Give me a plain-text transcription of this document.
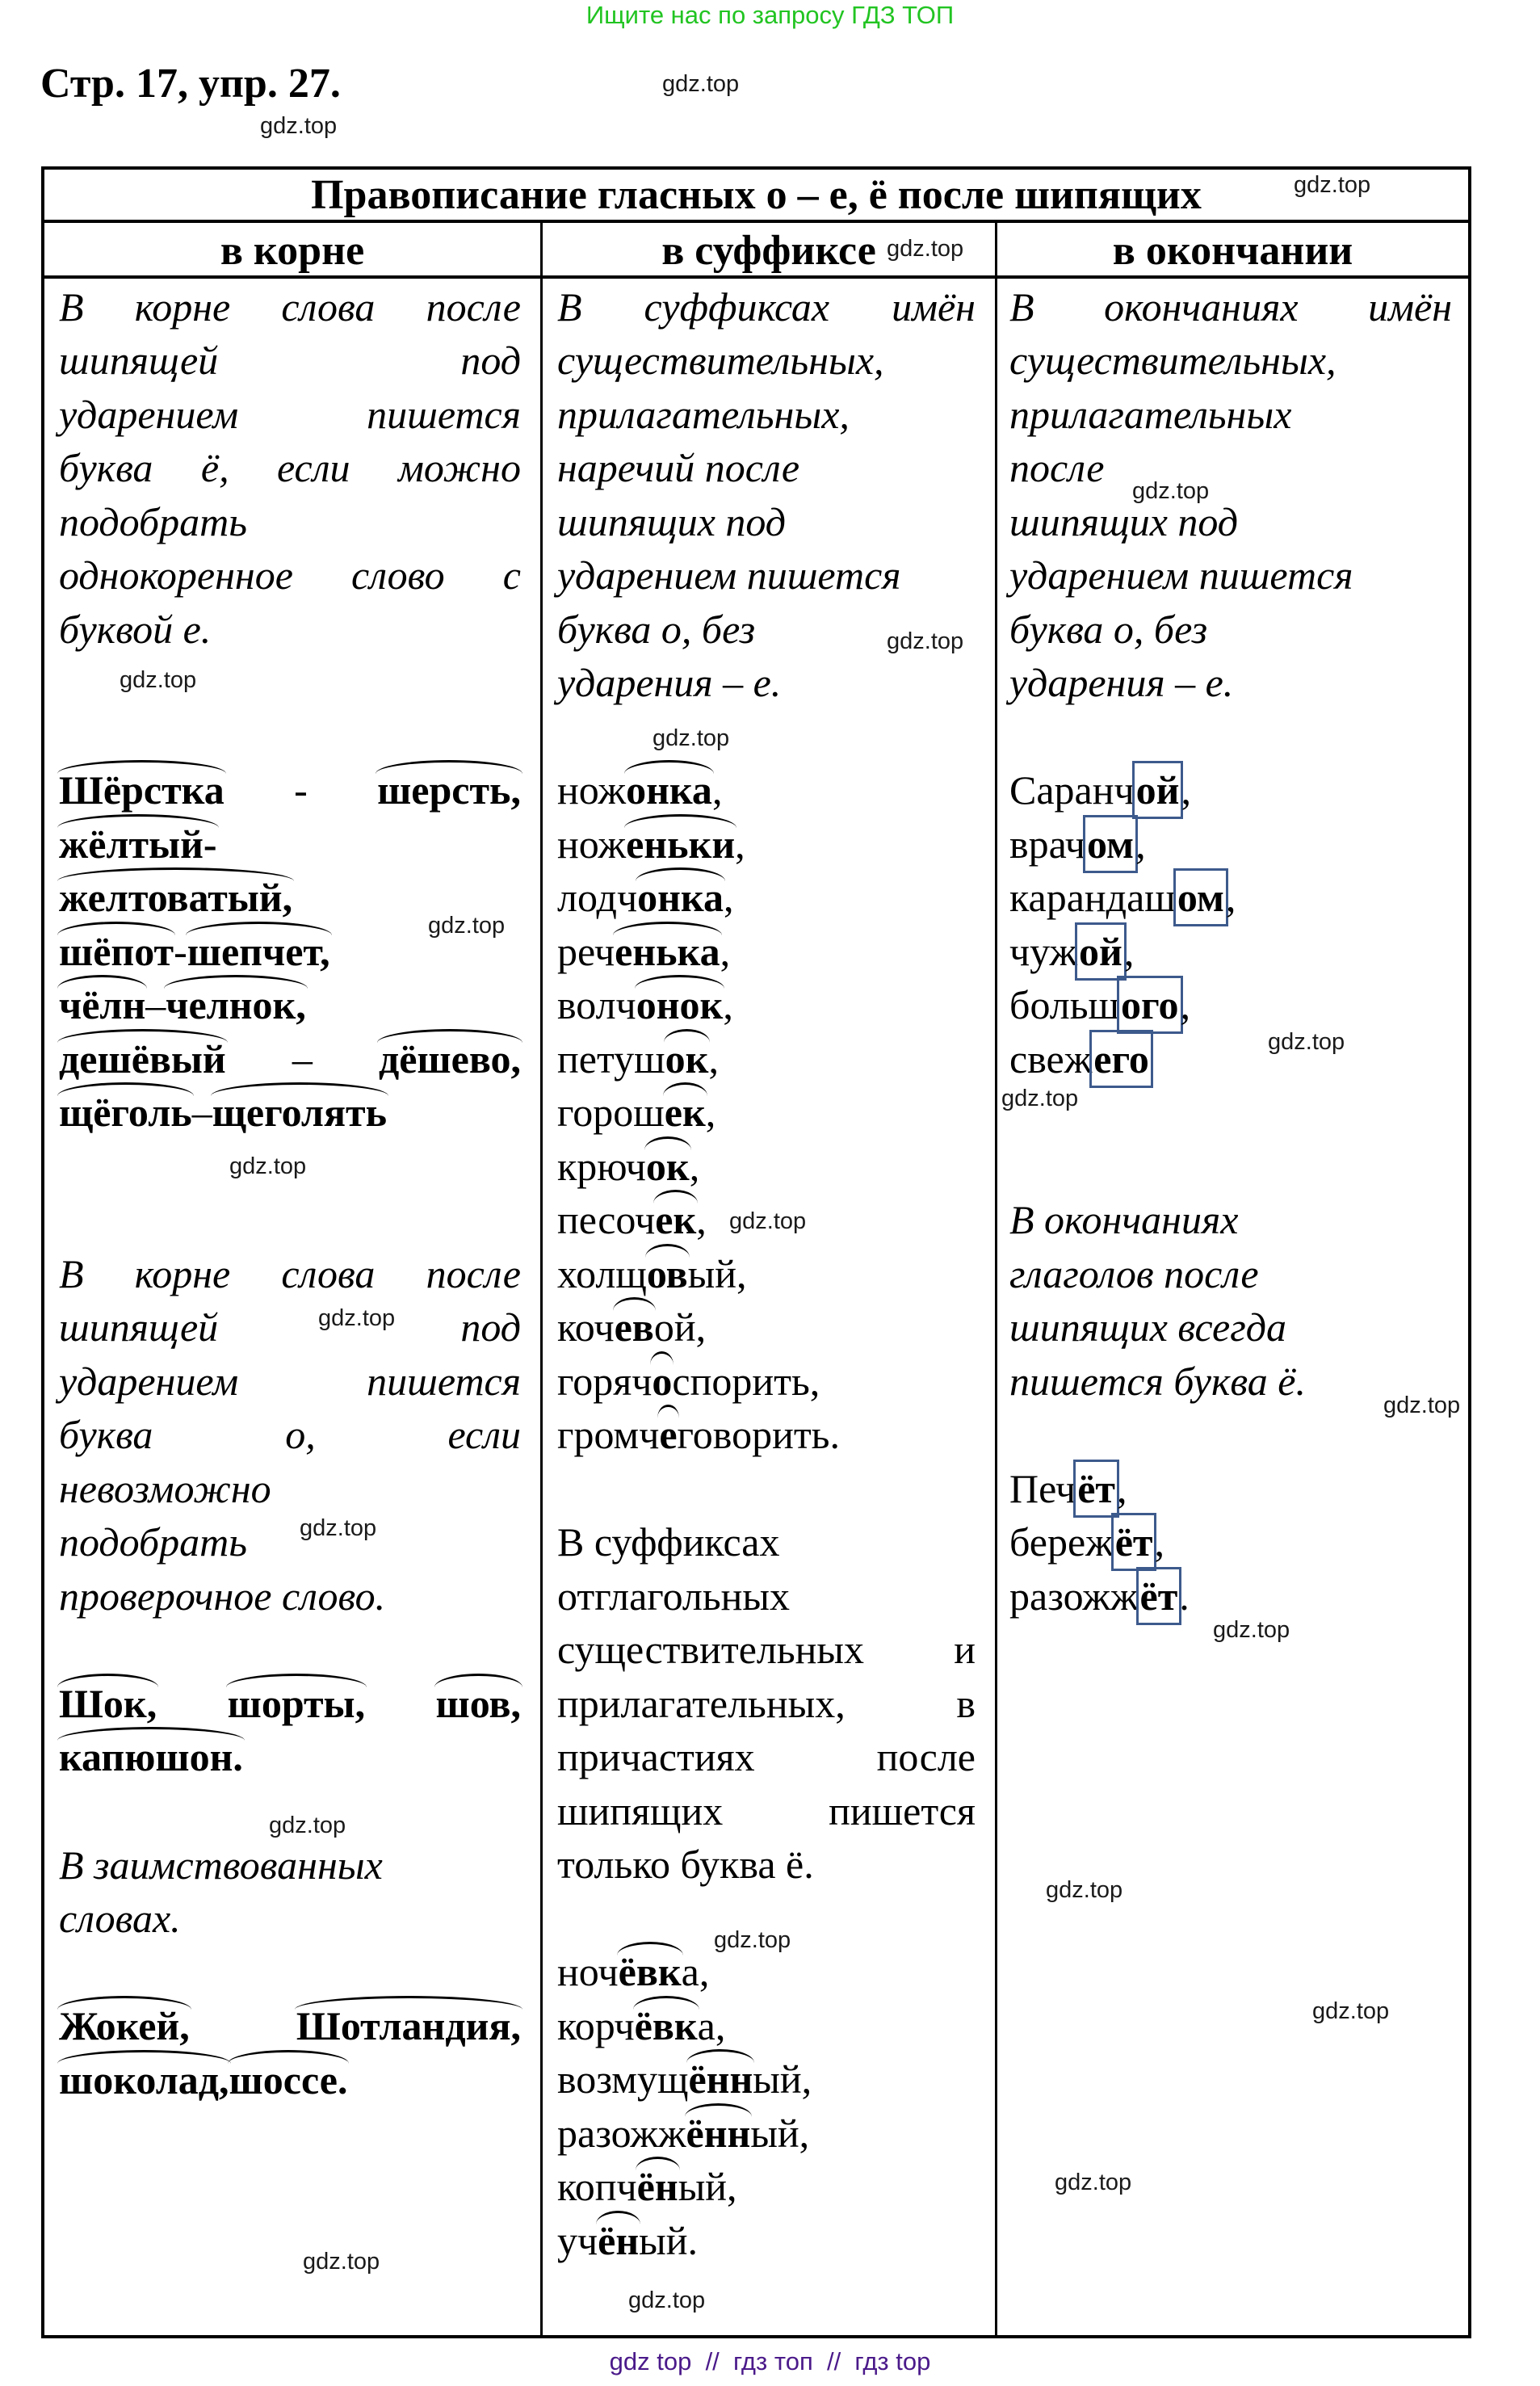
Ищите нас по запросу ГДЗ ТОП
Стр. 17, упр. 27.
Правописание гласных о – е, ё после шипящих
в корне	в суффиксе	в окончании
В корне слова после
шипящей	под
ударением	пишется
буква ё, если можно
подобрать
однокоренное слово с
буквой е.
Шёрстка - шерсть,
жёлтый-
желтоватый,
шёпот-шепчет,
чёлн–челнок,
дешёвый – дёшево,
щёголь–щеголять
В корне слова после
шипящей	под
ударением	пишется
буква	о,	если
невозможно
подобрать
проверочное слово.
Шок, шорты, шов,
капюшон.
В заимствованных
словах.
Жокей,	Шотландия,
шоколад,шоссе.
В суффиксах имён
существительных,
прилагательных,
наречий после
шипящих под
ударением пишется
буква о, без
ударения – е.
ножонка,
ноженьки,
лодчонка,
реченька,
волчонок,
петушок,
горошек,
крючок,
песочек,
холщовый,
кочевой,
горячоспорить,
громчеговорить.
В суффиксах
отглагольных
существительных и
прилагательных,	в
причастиях	после
шипящих	пишется
только буква ё.
ночёвка,
корчёвка,
возмущённый,
разожжённый,
копчёный,
учёный.
В окончаниях имён
существительных,
прилагательных
после
шипящих под
ударением пишется
буква о, без
ударения – е.
Саранчой,
врачом,
карандашом,
чужой,
большого,
свежего
В окончаниях
глаголов после
шипящих всегда
пишется буква ё.
Печёт,
бережёт,
разожжёт.
gdz.top
gdz.top
gdz.top
gdz.top
gdz.top
gdz.top
gdz.top
gdz.top
gdz.top
gdz.top
gdz.top
gdz.top
gdz.top
gdz.top
gdz.top
gdz.top
gdz.top
gdz.top
gdz.top
gdz.top
gdz.top
gdz.top
gdz.top
gdz.top
gdz top  //  гдз топ  //  гдз top
